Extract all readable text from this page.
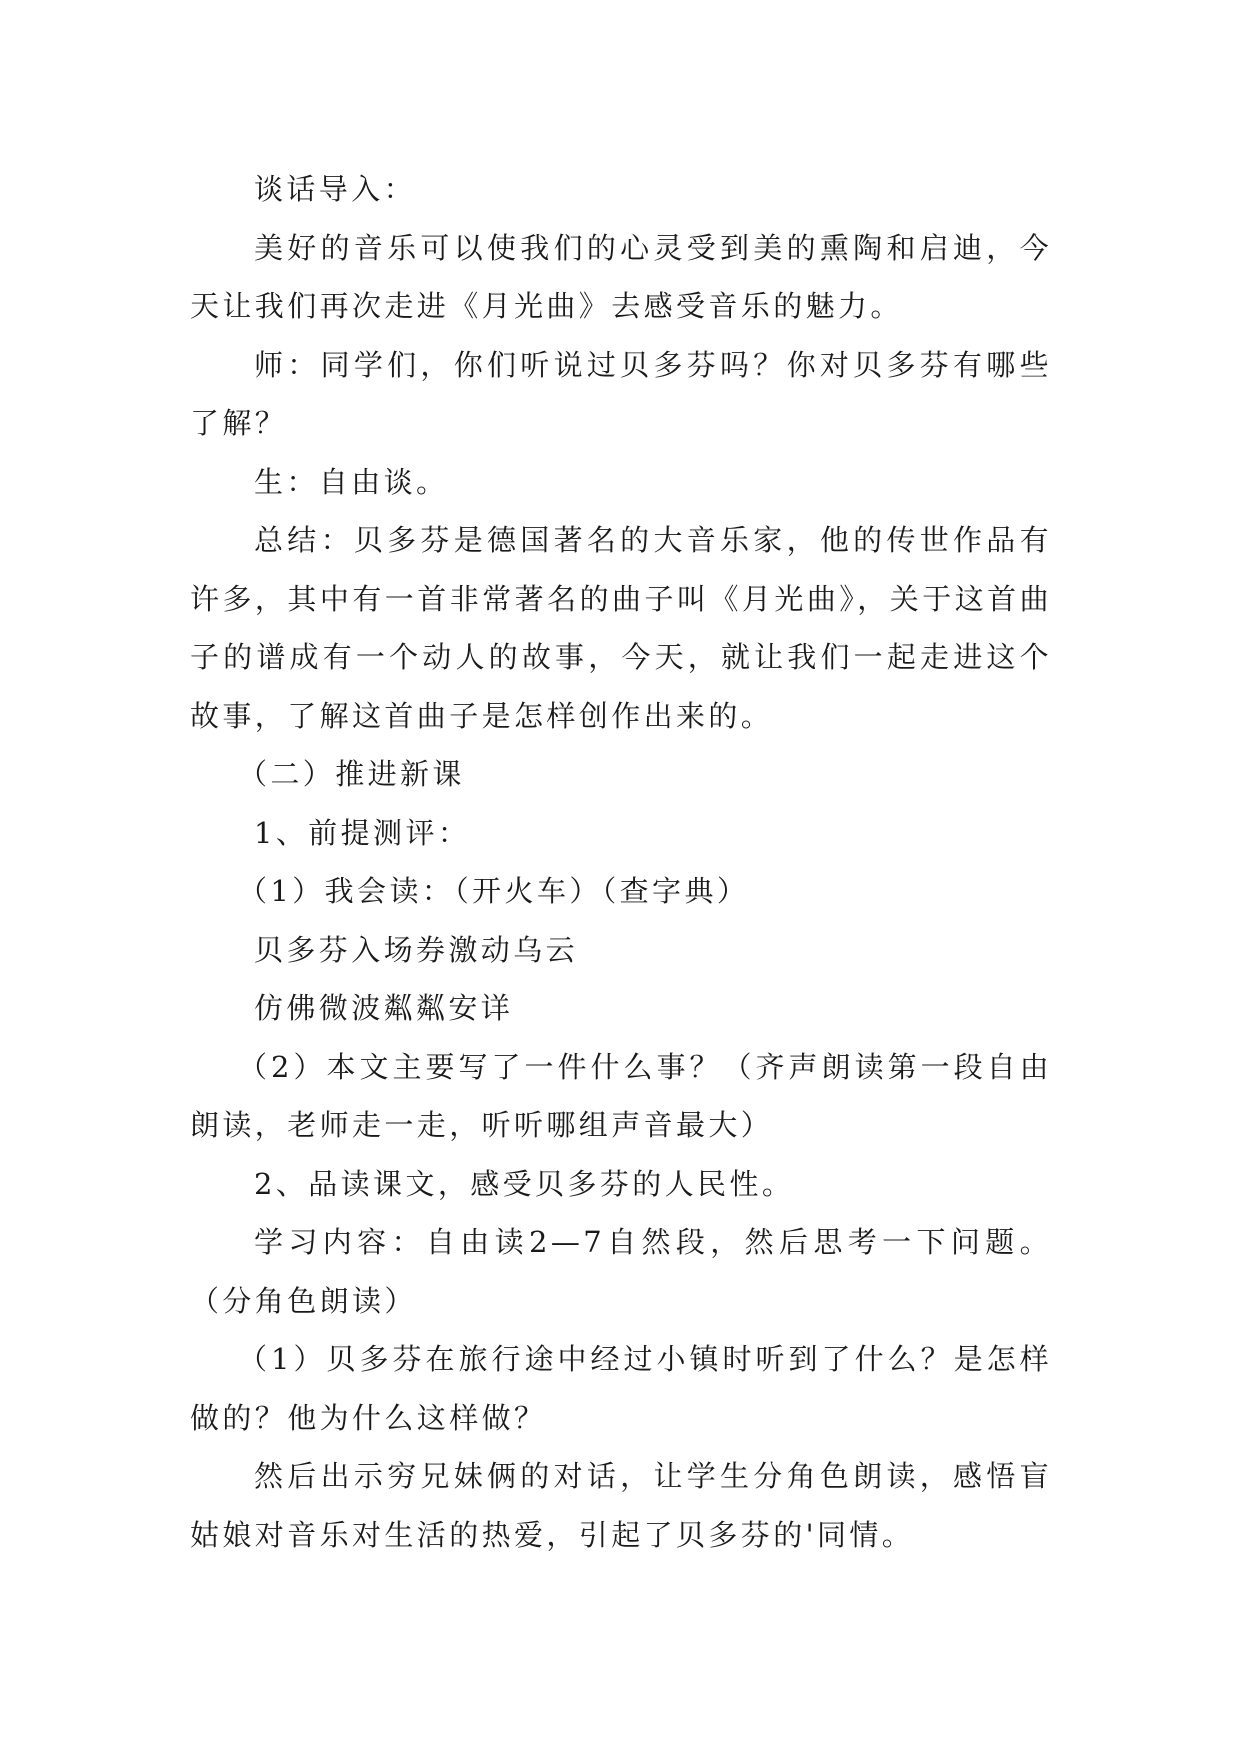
谈话导入：

美好的音乐可以使我们的心灵受到美的熏陶和启迪，今天让我们再次走进《月光曲》去感受音乐的魅力。

师：同学们，你们听说过贝多芬吗？你对贝多芬有哪些了解？

生：自由谈。

总结：贝多芬是德国著名的大音乐家，他的传世作品有许多，其中有一首非常著名的曲子叫《月光曲》，关于这首曲子的谱成有一个动人的故事，今天，就让我们一起走进这个故事，了解这首曲子是怎样创作出来的。

（二）推进新课

1、前提测评：

（1）我会读：（开火车）（查字典）

贝多芬入场券激动乌云

仿佛微波粼粼安详

（2）本文主要写了一件什么事？（齐声朗读第一段自由朗读，老师走一走，听听哪组声音最大）

2、品读课文，感受贝多芬的人民性。

学习内容：自由读2—7自然段，然后思考一下问题。（分角色朗读）

（1）贝多芬在旅行途中经过小镇时听到了什么？是怎样做的？他为什么这样做？

然后出示穷兄妹俩的对话，让学生分角色朗读，感悟盲姑娘对音乐对生活的热爱，引起了贝多芬的'同情。
